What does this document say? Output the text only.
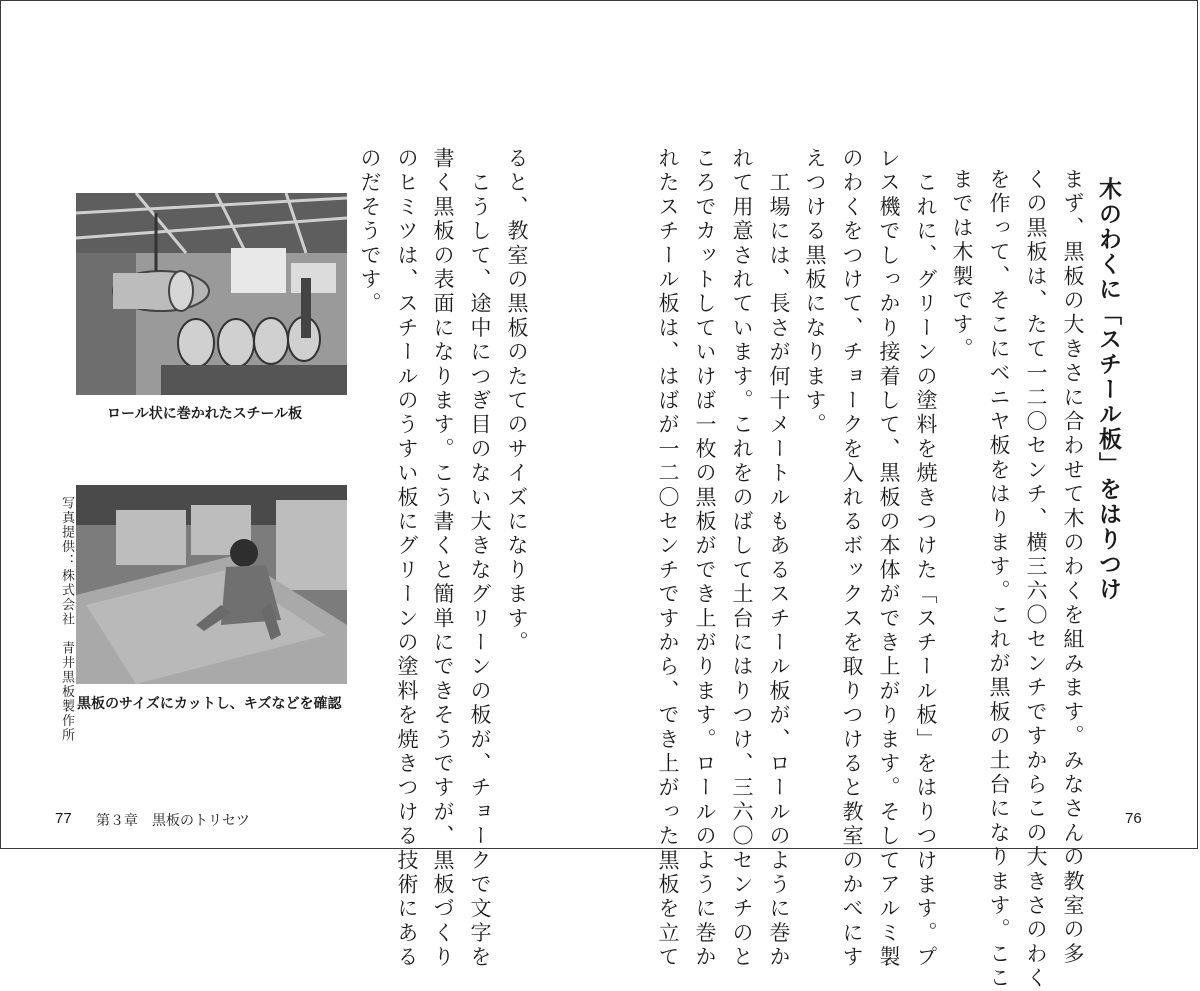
木のわくに「スチール板」をはりつけ
まず、黒板の大きさに合わせて木のわくを組みます。みなさんの教室の多
くの黒板は、たて一二〇センチ、横三六〇センチですからこの大きさのわく
を作って、そこにベニヤ板をはります。これが黒板の土台になります。ここ
までは木製です。
　これに、グリーンの塗料を焼きつけた「スチール板」をはりつけます。プ
レス機でしっかり接着して、黒板の本体ができ上がります。そしてアルミ製
のわくをつけて、チョークを入れるボックスを取りつけると教室のかべにす
えつける黒板になります。
　工場には、長さが何十メートルもあるスチール板が、ロールのように巻か
れて用意されています。これをのばして土台にはりつけ、三六〇センチのと
ころでカットしていけば一枚の黒板ができ上がります。ロールのように巻か
れたスチール板は、はばが一二〇センチですから、でき上がった黒板を立て
ると、教室の黒板のたてのサイズになります。
　こうして、途中につぎ目のない大きなグリーンの板が、チョークで文字を
書く黒板の表面になります。こう書くと簡単にできそうですが、黒板づくり
のヒミツは、スチールのうすい板にグリーンの塗料を焼きつける技術にある
のだそうです。
ロール状に巻かれたスチール板
写真提供：株式会社　青井黒板製作所 黒板のサイズにカットし、キズなどを確認
77 第３章　黒板のトリセツ	76
